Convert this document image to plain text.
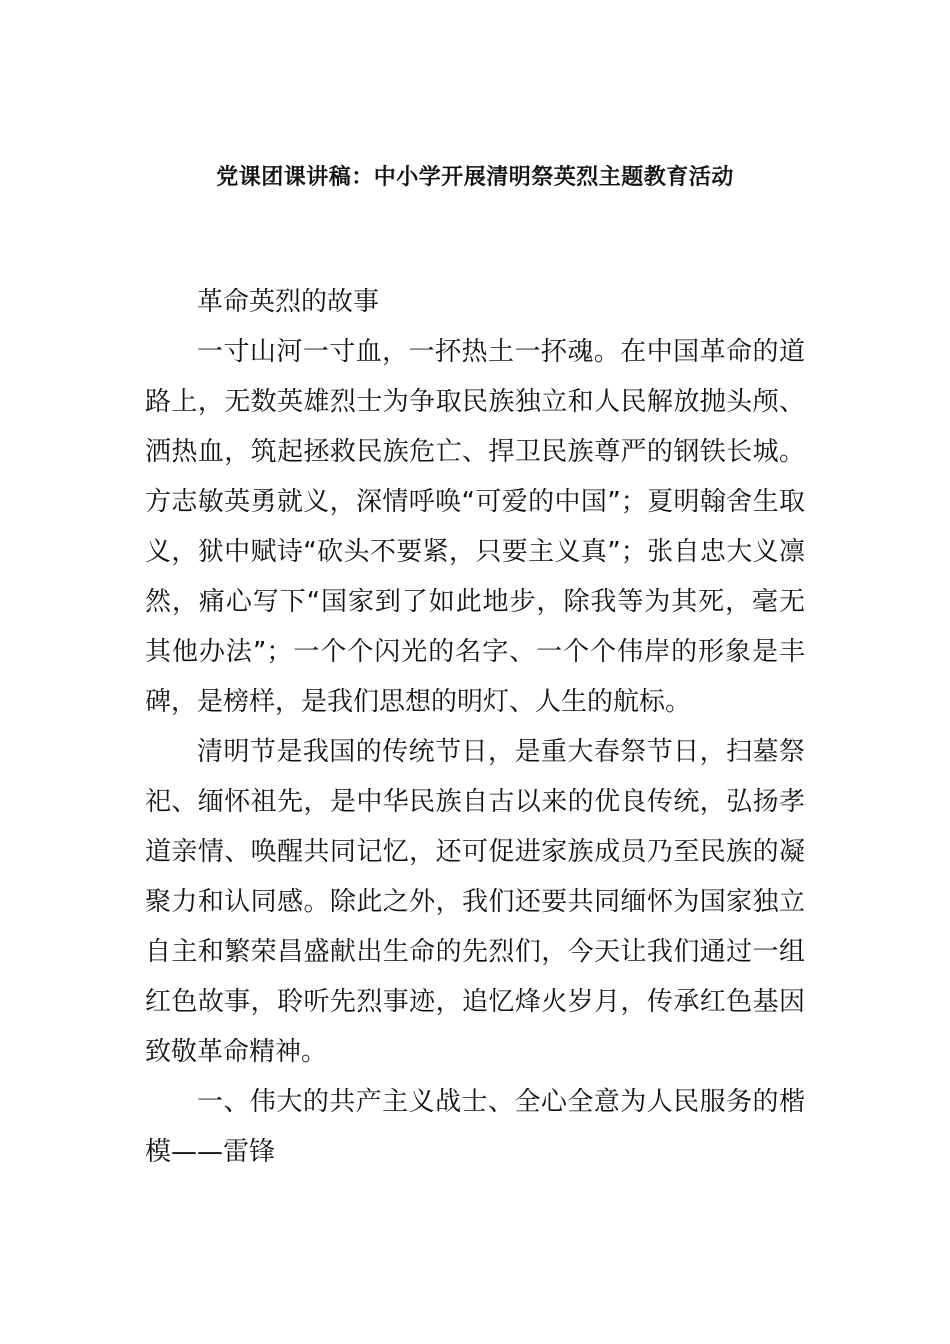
党课团课讲稿：中小学开展清明祭英烈主题教育活动

革命英烈的故事

一寸山河一寸血，一抔热土一抔魂。在中国革命的道路上，无数英雄烈士为争取民族独立和人民解放抛头颅、洒热血，筑起拯救民族危亡、捍卫民族尊严的钢铁长城。方志敏英勇就义，深情呼唤“可爱的中国”；夏明翰舍生取义，狱中赋诗“砍头不要紧，只要主义真”；张自忠大义凛然，痛心写下“国家到了如此地步，除我等为其死，毫无其他办法”；一个个闪光的名字、一个个伟岸的形象是丰碑，是榜样，是我们思想的明灯、人生的航标。

清明节是我国的传统节日，是重大春祭节日，扫墓祭祀、缅怀祖先，是中华民族自古以来的优良传统，弘扬孝道亲情、唤醒共同记忆，还可促进家族成员乃至民族的凝聚力和认同感。除此之外，我们还要共同缅怀为国家独立自主和繁荣昌盛献出生命的先烈们，今天让我们通过一组红色故事，聆听先烈事迹，追忆烽火岁月，传承红色基因致敬革命精神。

一、伟大的共产主义战士、全心全意为人民服务的楷模——雷锋
